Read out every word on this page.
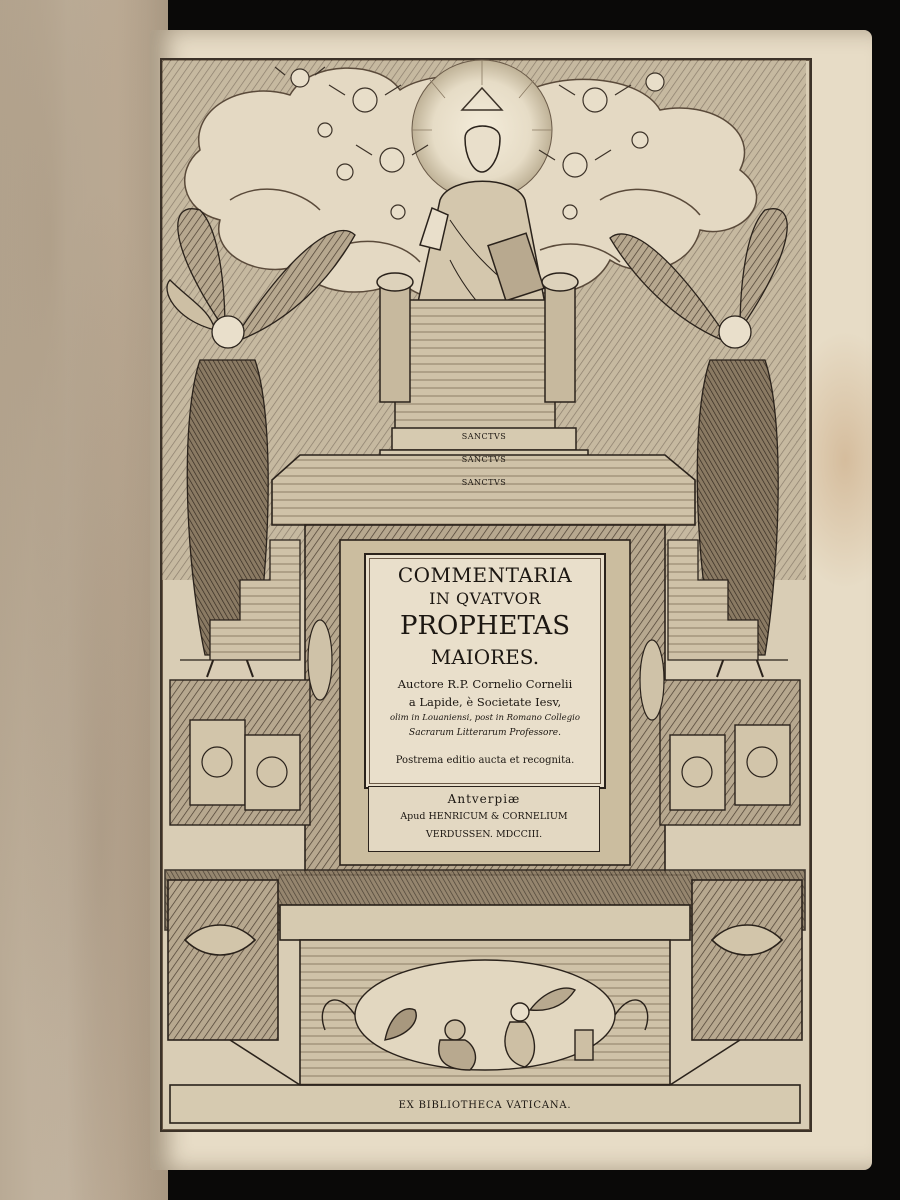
SANCTVS
SANCTVS
SANCTVS
COMMENTARIA
IN QVATVOR
PROPHETAS
MAIORES.
Auctore R.P. Cornelio Cornelii
a Lapide, è Societate Iesv,
olim in Louaniensi, post in Romano Collegio
Sacrarum Litterarum Professore.
Postrema editio aucta et recognita.
Antverpiæ
Apud HENRICUM & CORNELIUM
VERDUSSEN. MDCCIII.
EX BIBLIOTHECA VATICANA.
